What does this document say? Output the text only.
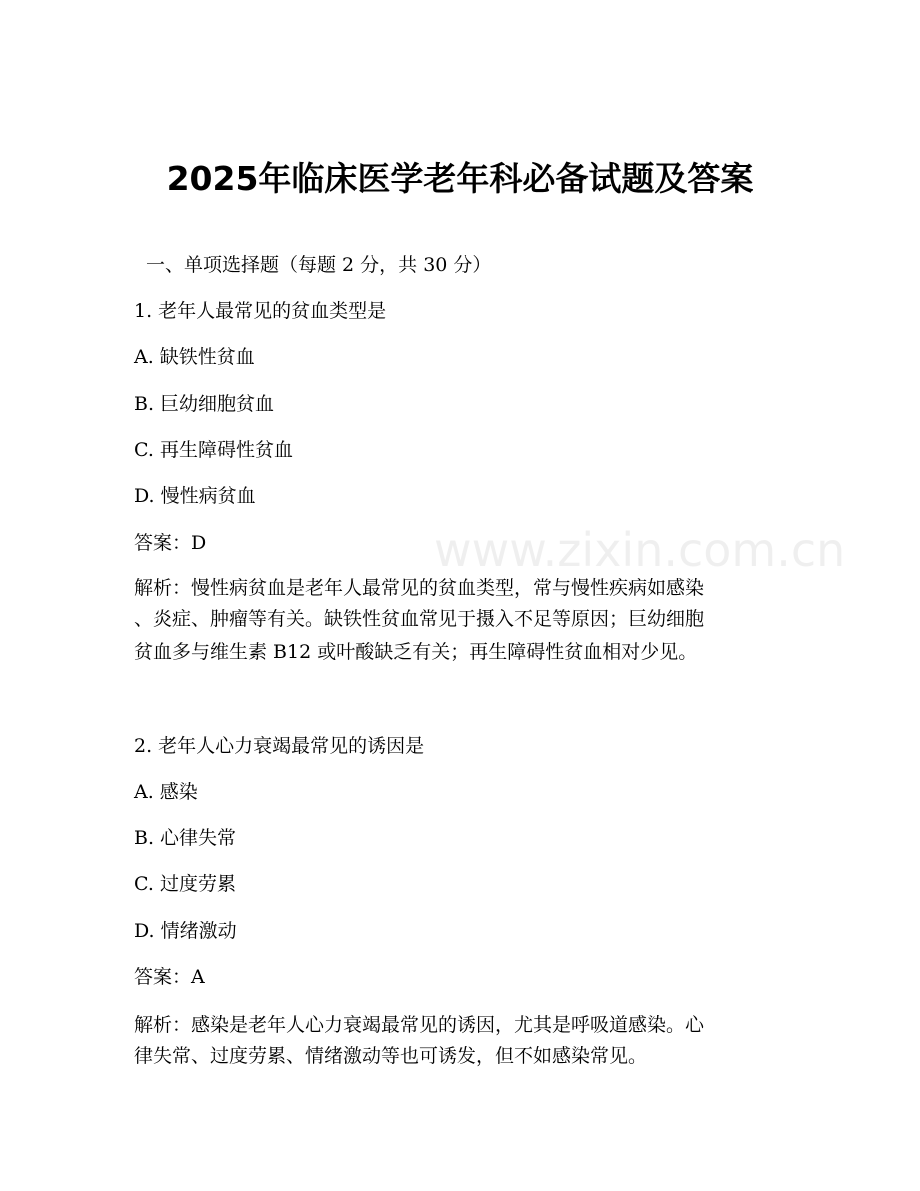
www.zixin.com.cn
2025年临床医学老年科必备试题及答案
一、单项选择题（每题 2 分，共 30 分）
1. 老年人最常见的贫血类型是
A. 缺铁性贫血
B. 巨幼细胞贫血
C. 再生障碍性贫血
D. 慢性病贫血
答案：D
解析：慢性病贫血是老年人最常见的贫血类型，常与慢性疾病如感染
、炎症、肿瘤等有关。缺铁性贫血常见于摄入不足等原因；巨幼细胞
贫血多与维生素 B12 或叶酸缺乏有关；再生障碍性贫血相对少见。
2. 老年人心力衰竭最常见的诱因是
A. 感染
B. 心律失常
C. 过度劳累
D. 情绪激动
答案：A
解析：感染是老年人心力衰竭最常见的诱因，尤其是呼吸道感染。心
律失常、过度劳累、情绪激动等也可诱发，但不如感染常见。
